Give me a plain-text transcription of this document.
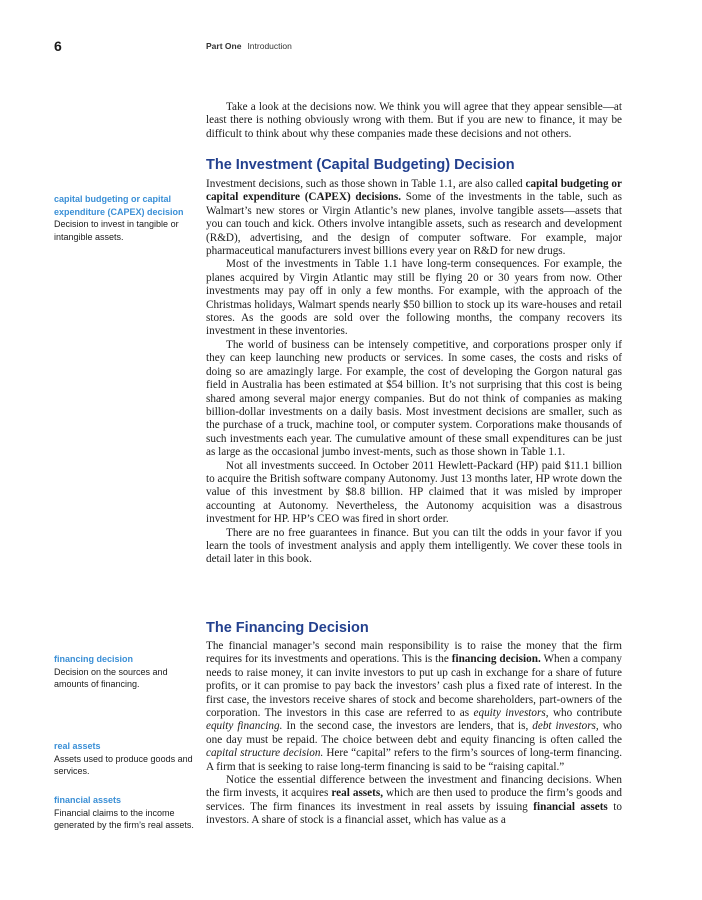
6	Part One Introduction

Take a look at the decisions now. We think you will agree that they appear sensible—at least there is nothing obviously wrong with them. But if you are new to finance, it may be difficult to think about why these companies made these decisions and not others.

The Investment (Capital Budgeting) Decision

Investment decisions, such as those shown in Table 1.1, are also called capital budgeting or capital expenditure (CAPEX) decisions. Some of the investments in the table, such as Walmart’s new stores or Virgin Atlantic’s new planes, involve tangible assets—assets that you can touch and kick. Others involve intangible assets, such as research and development (R&D), advertising, and the design of computer software. For example, major pharmaceutical manufacturers invest billions every year on R&D for new drugs.

Most of the investments in Table 1.1 have long-term consequences. For example, the planes acquired by Virgin Atlantic may still be flying 20 or 30 years from now. Other investments may pay off in only a few months. For example, with the approach of the Christmas holidays, Walmart spends nearly $50 billion to stock up its ware-houses and retail stores. As the goods are sold over the following months, the company recovers its investment in these inventories.

The world of business can be intensely competitive, and corporations prosper only if they can keep launching new products or services. In some cases, the costs and risks of doing so are amazingly large. For example, the cost of developing the Gorgon natural gas field in Australia has been estimated at $54 billion. It’s not surprising that this cost is being shared among several major energy companies. But do not think of companies as making billion-dollar investments on a daily basis. Most investment decisions are smaller, such as the purchase of a truck, machine tool, or computer system. Corporations make thousands of such investments each year. The cumulative amount of these small expenditures can be just as large as the occasional jumbo invest-ments, such as those shown in Table 1.1.

Not all investments succeed. In October 2011 Hewlett-Packard (HP) paid $11.1 billion to acquire the British software company Autonomy. Just 13 months later, HP wrote down the value of this investment by $8.8 billion. HP claimed that it was misled by improper accounting at Autonomy. Nevertheless, the Autonomy acquisition was a disastrous investment for HP. HP’s CEO was fired in short order.

There are no free guarantees in finance. But you can tilt the odds in your favor if you learn the tools of investment analysis and apply them intelligently. We cover these tools in detail later in this book.

The Financing Decision

The financial manager’s second main responsibility is to raise the money that the firm requires for its investments and operations. This is the financing decision. When a company needs to raise money, it can invite investors to put up cash in exchange for a share of future profits, or it can promise to pay back the investors’ cash plus a fixed rate of interest. In the first case, the investors receive shares of stock and become shareholders, part-owners of the corporation. The investors in this case are referred to as equity investors, who contribute equity financing. In the second case, the investors are lenders, that is, debt investors, who one day must be repaid. The choice between debt and equity financing is often called the capital structure decision. Here “capital” refers to the firm’s sources of long-term financing. A firm that is seeking to raise long-term financing is said to be “raising capital.”

Notice the essential difference between the investment and financing decisions. When the firm invests, it acquires real assets, which are then used to produce the firm’s goods and services. The firm finances its investment in real assets by issuing financial assets to investors. A share of stock is a financial asset, which has value as a

capital budgeting or capital expenditure (CAPEX) decision
Decision to invest in tangible or intangible assets.
financing decision
Decision on the sources and amounts of financing.
real assets
Assets used to produce goods and services.
financial assets
Financial claims to the income generated by the firm’s real assets.
